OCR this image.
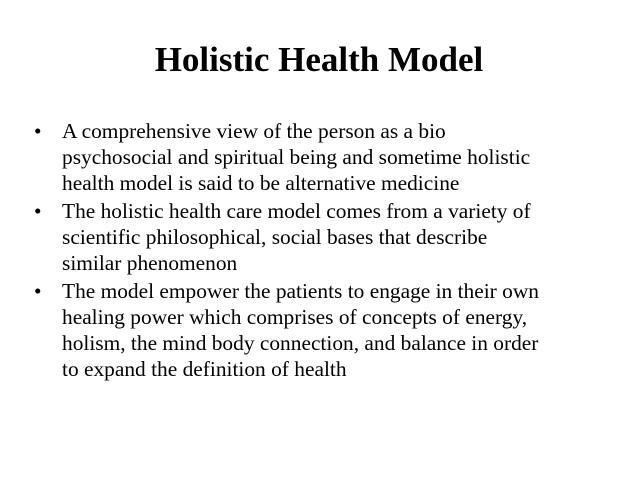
Holistic Health Model
• A comprehensive view of the person as a bio
psychosocial and spiritual being and sometime holistic
health model is said to be alternative medicine
• The holistic health care model comes from a variety of
scientific philosophical, social bases that describe
similar phenomenon
• The model empower the patients to engage in their own
healing power which comprises of concepts of energy,
holism, the mind body connection, and balance in order
to expand the definition of health
